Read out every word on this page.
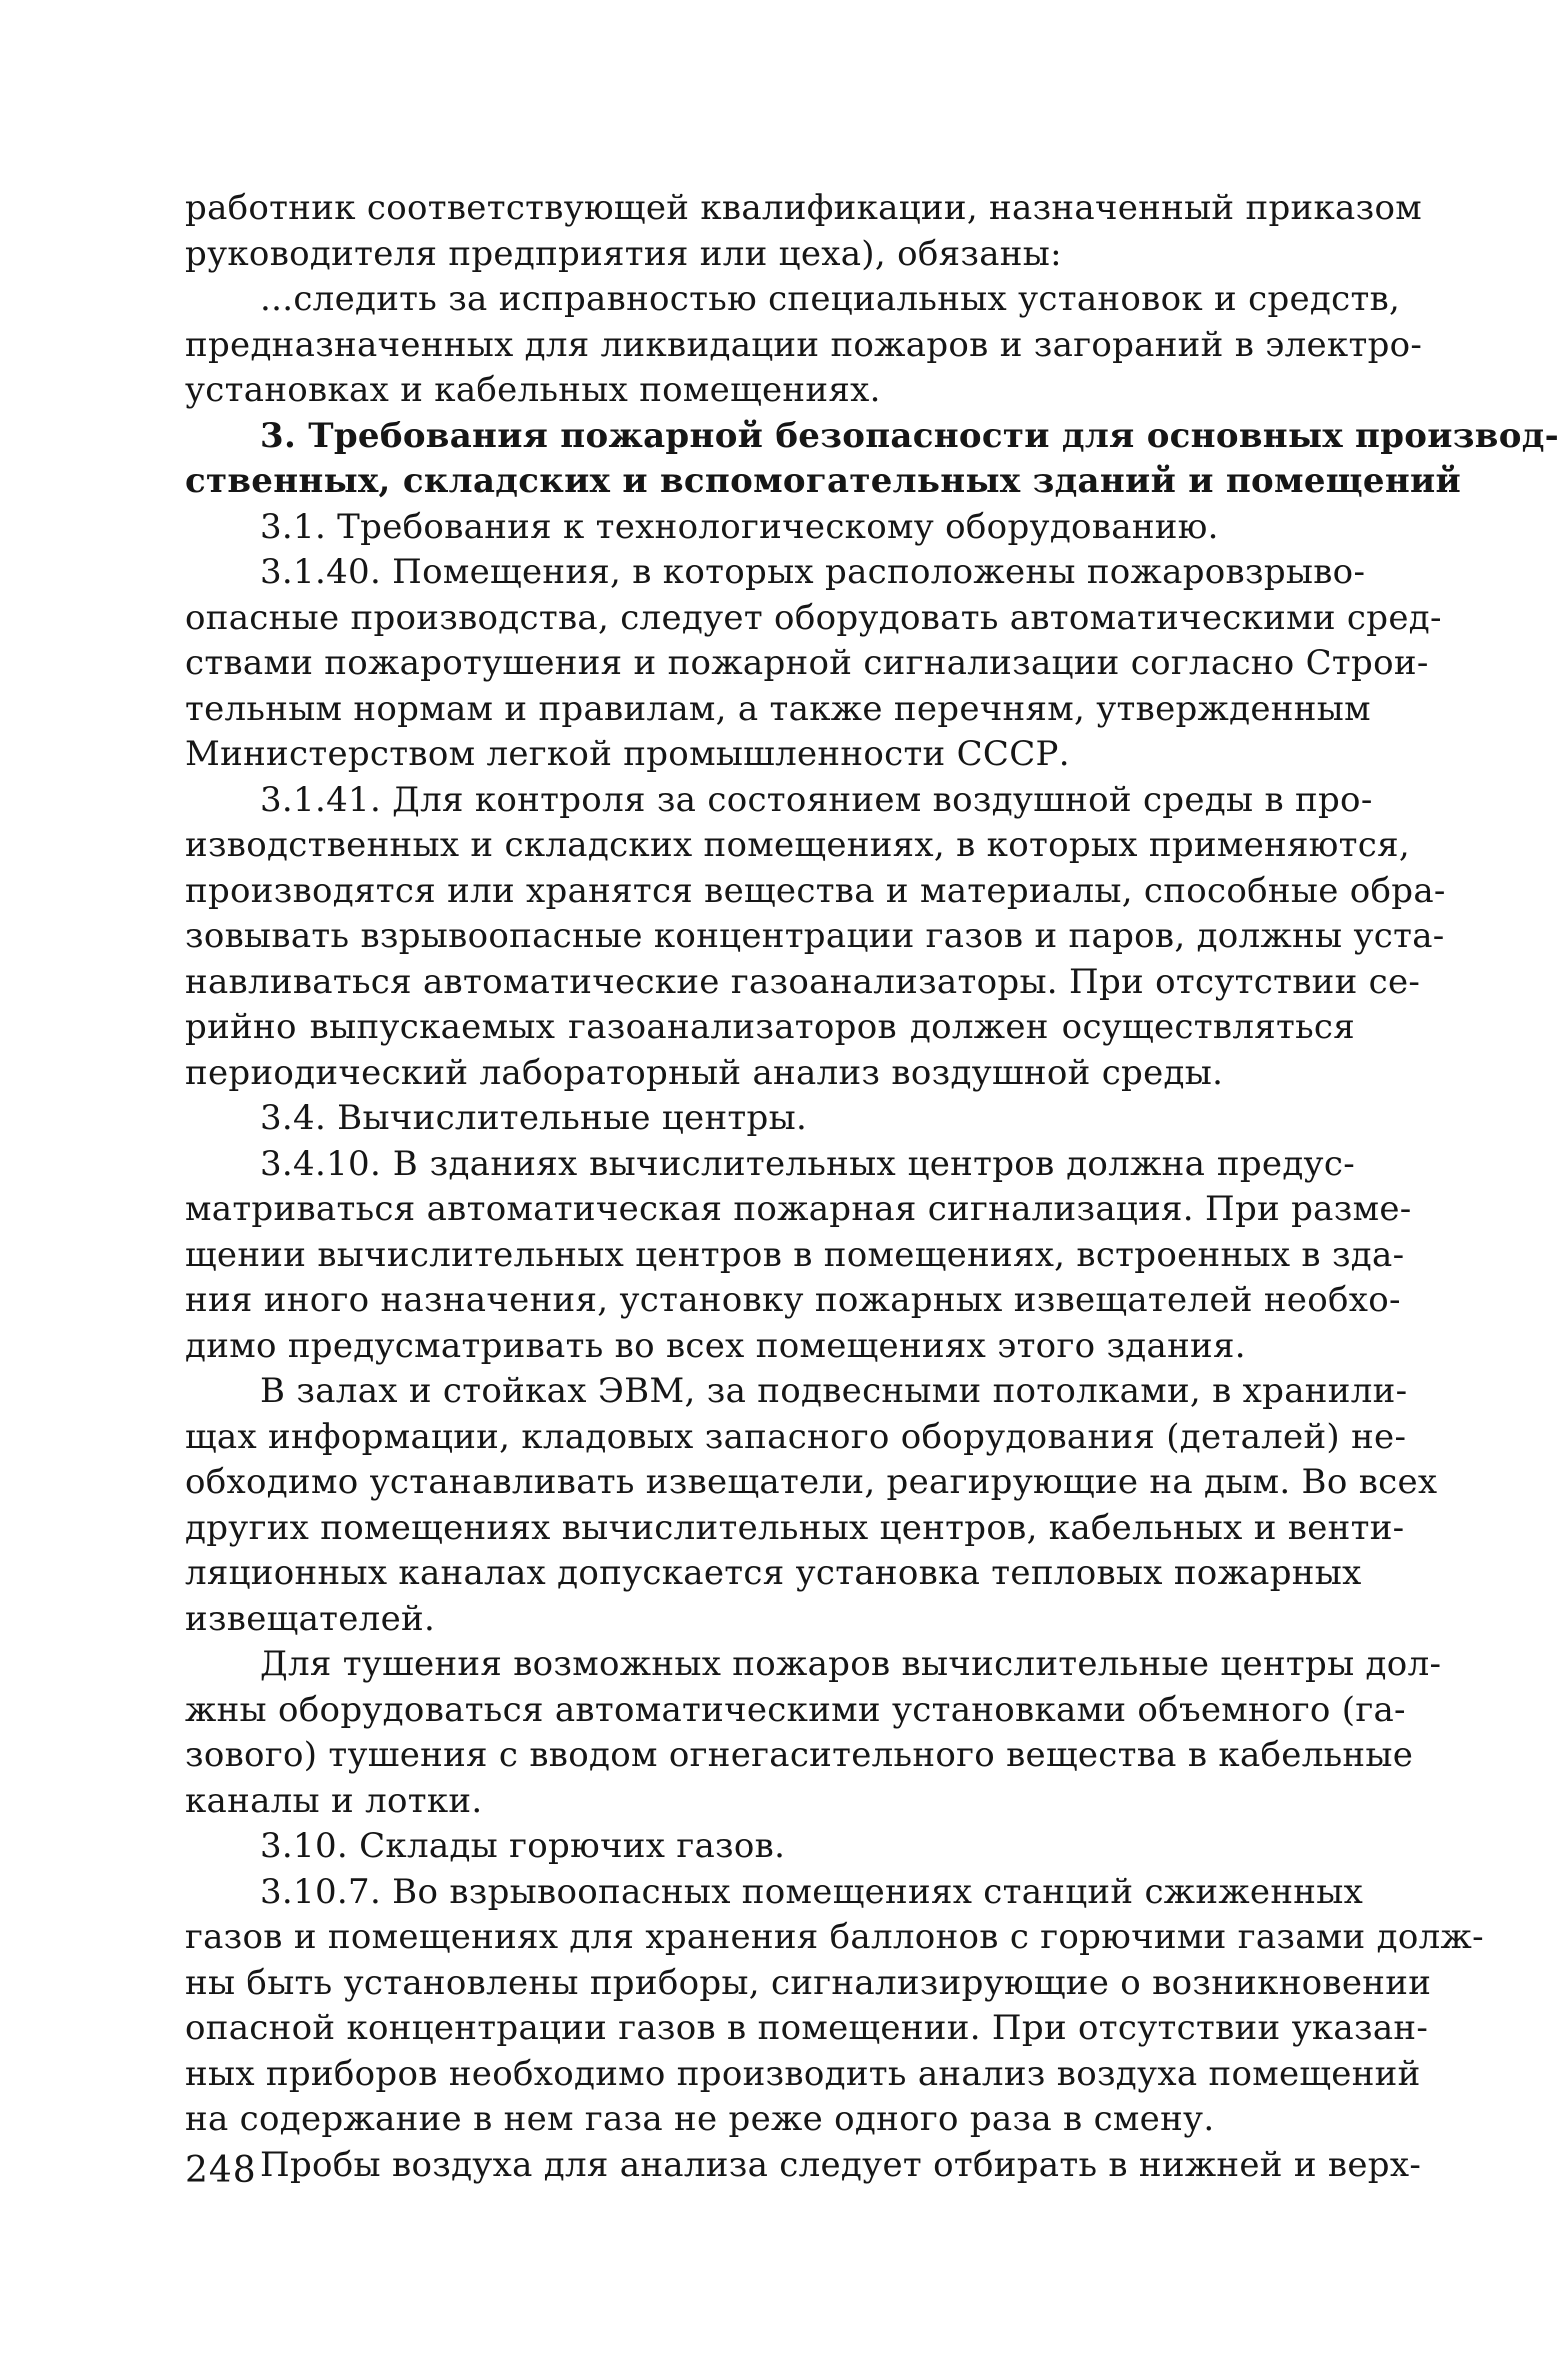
работник соответствующей квалификации, назначенный приказом
руководителя предприятия или цеха), обязаны:
...следить за исправностью специальных установок и средств,
предназначенных для ликвидации пожаров и загораний в электро-
установках и кабельных помещениях.
3. Требования пожарной безопасности для основных производ-
ственных, складских и вспомогательных зданий и помещений
3.1. Требования к технологическому оборудованию.
3.1.40. Помещения, в которых расположены пожаровзрыво-
опасные производства, следует оборудовать автоматическими сред-
ствами пожаротушения и пожарной сигнализации согласно Строи-
тельным нормам и правилам, а также перечням, утвержденным
Министерством легкой промышленности СССР.
3.1.41. Для контроля за состоянием воздушной среды в про-
изводственных и складских помещениях, в которых применяются,
производятся или хранятся вещества и материалы, способные обра-
зовывать взрывоопасные концентрации газов и паров, должны уста-
навливаться автоматические газоанализаторы. При отсутствии се-
рийно выпускаемых газоанализаторов должен осуществляться
периодический лабораторный анализ воздушной среды.
3.4. Вычислительные центры.
3.4.10. В зданиях вычислительных центров должна предус-
матриваться автоматическая пожарная сигнализация. При разме-
щении вычислительных центров в помещениях, встроенных в зда-
ния иного назначения, установку пожарных извещателей необхо-
димо предусматривать во всех помещениях этого здания.
В залах и стойках ЭВМ, за подвесными потолками, в хранили-
щах информации, кладовых запасного оборудования (деталей) не-
обходимо устанавливать извещатели, реагирующие на дым. Во всех
других помещениях вычислительных центров, кабельных и венти-
ляционных каналах допускается установка тепловых пожарных
извещателей.
Для тушения возможных пожаров вычислительные центры дол-
жны оборудоваться автоматическими установками объемного (га-
зового) тушения с вводом огнегасительного вещества в кабельные
каналы и лотки.
3.10. Склады горючих газов.
3.10.7. Во взрывоопасных помещениях станций сжиженных
газов и помещениях для хранения баллонов с горючими газами долж-
ны быть установлены приборы, сигнализирующие о возникновении
опасной концентрации газов в помещении. При отсутствии указан-
ных приборов необходимо производить анализ воздуха помещений
на содержание в нем газа не реже одного раза в смену.
Пробы воздуха для анализа следует отбирать в нижней и верх-
248
